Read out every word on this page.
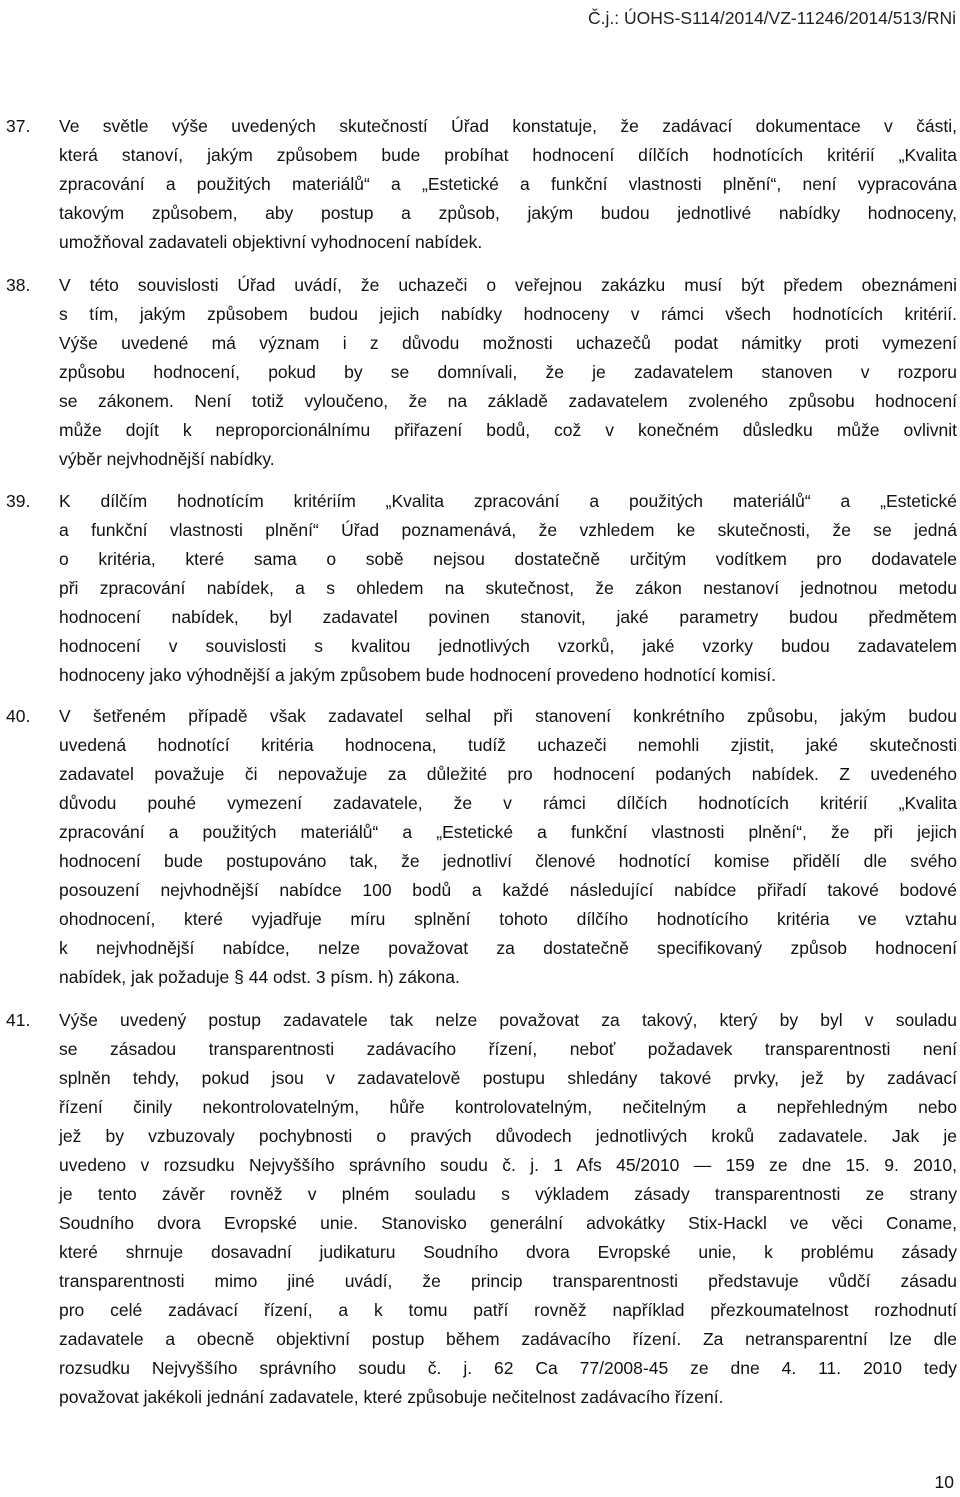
Č.j.: ÚOHS-S114/2014/VZ-11246/2014/513/RNi
37. Ve světle výše uvedených skutečností Úřad konstatuje, že zadávací dokumentace v části,
která stanoví, jakým způsobem bude probíhat hodnocení dílčích hodnotících kritérií „Kvalita
zpracování a použitých materiálů“ a „Estetické a funkční vlastnosti plnění“, není vypracována
takovým způsobem, aby postup a způsob, jakým budou jednotlivé nabídky hodnoceny,
umožňoval zadavateli objektivní vyhodnocení nabídek.
38. V této souvislosti Úřad uvádí, že uchazeči o veřejnou zakázku musí být předem obeznámeni
s tím, jakým způsobem budou jejich nabídky hodnoceny v rámci všech hodnotících kritérií.
Výše uvedené má význam i z důvodu možnosti uchazečů podat námitky proti vymezení
způsobu hodnocení, pokud by se domnívali, že je zadavatelem stanoven v rozporu
se zákonem. Není totiž vyloučeno, že na základě zadavatelem zvoleného způsobu hodnocení
může dojít k neproporcionálnímu přiřazení bodů, což v konečném důsledku může ovlivnit
výběr nejvhodnější nabídky.
39. K dílčím hodnotícím kritériím „Kvalita zpracování a použitých materiálů“ a „Estetické
a funkční vlastnosti plnění“ Úřad poznamenává, že vzhledem ke skutečnosti, že se jedná
o kritéria, které sama o sobě nejsou dostatečně určitým vodítkem pro dodavatele
při zpracování nabídek, a s ohledem na skutečnost, že zákon nestanoví jednotnou metodu
hodnocení nabídek, byl zadavatel povinen stanovit, jaké parametry budou předmětem
hodnocení v souvislosti s kvalitou jednotlivých vzorků, jaké vzorky budou zadavatelem
hodnoceny jako výhodnější a jakým způsobem bude hodnocení provedeno hodnotící komisí.
40. V šetřeném případě však zadavatel selhal při stanovení konkrétního způsobu, jakým budou
uvedená hodnotící kritéria hodnocena, tudíž uchazeči nemohli zjistit, jaké skutečnosti
zadavatel považuje či nepovažuje za důležité pro hodnocení podaných nabídek. Z uvedeného
důvodu pouhé vymezení zadavatele, že v rámci dílčích hodnotících kritérií „Kvalita
zpracování a použitých materiálů“ a „Estetické a funkční vlastnosti plnění“, že při jejich
hodnocení bude postupováno tak, že jednotliví členové hodnotící komise přidělí dle svého
posouzení nejvhodnější nabídce 100 bodů a každé následující nabídce přiřadí takové bodové
ohodnocení, které vyjadřuje míru splnění tohoto dílčího hodnotícího kritéria ve vztahu
k nejvhodnější nabídce, nelze považovat za dostatečně specifikovaný způsob hodnocení
nabídek, jak požaduje § 44 odst. 3 písm. h) zákona.
41. Výše uvedený postup zadavatele tak nelze považovat za takový, který by byl v souladu
se zásadou transparentnosti zadávacího řízení, neboť požadavek transparentnosti není
splněn tehdy, pokud jsou v zadavatelově postupu shledány takové prvky, jež by zadávací
řízení činily nekontrolovatelným, hůře kontrolovatelným, nečitelným a nepřehledným nebo
jež by vzbuzovaly pochybnosti o pravých důvodech jednotlivých kroků zadavatele. Jak je
uvedeno v rozsudku Nejvyššího správního soudu č. j. 1 Afs 45/2010 — 159 ze dne 15. 9. 2010,
je tento závěr rovněž v plném souladu s výkladem zásady transparentnosti ze strany
Soudního dvora Evropské unie. Stanovisko generální advokátky Stix-Hackl ve věci Coname,
které shrnuje dosavadní judikaturu Soudního dvora Evropské unie, k problému zásady
transparentnosti mimo jiné uvádí, že princip transparentnosti představuje vůdčí zásadu
pro celé zadávací řízení, a k tomu patří rovněž například přezkoumatelnost rozhodnutí
zadavatele a obecně objektivní postup během zadávacího řízení. Za netransparentní lze dle
rozsudku Nejvyššího správního soudu č. j. 62 Ca 77/2008-45 ze dne 4. 11. 2010 tedy
považovat jakékoli jednání zadavatele, které způsobuje nečitelnost zadávacího řízení.
10
